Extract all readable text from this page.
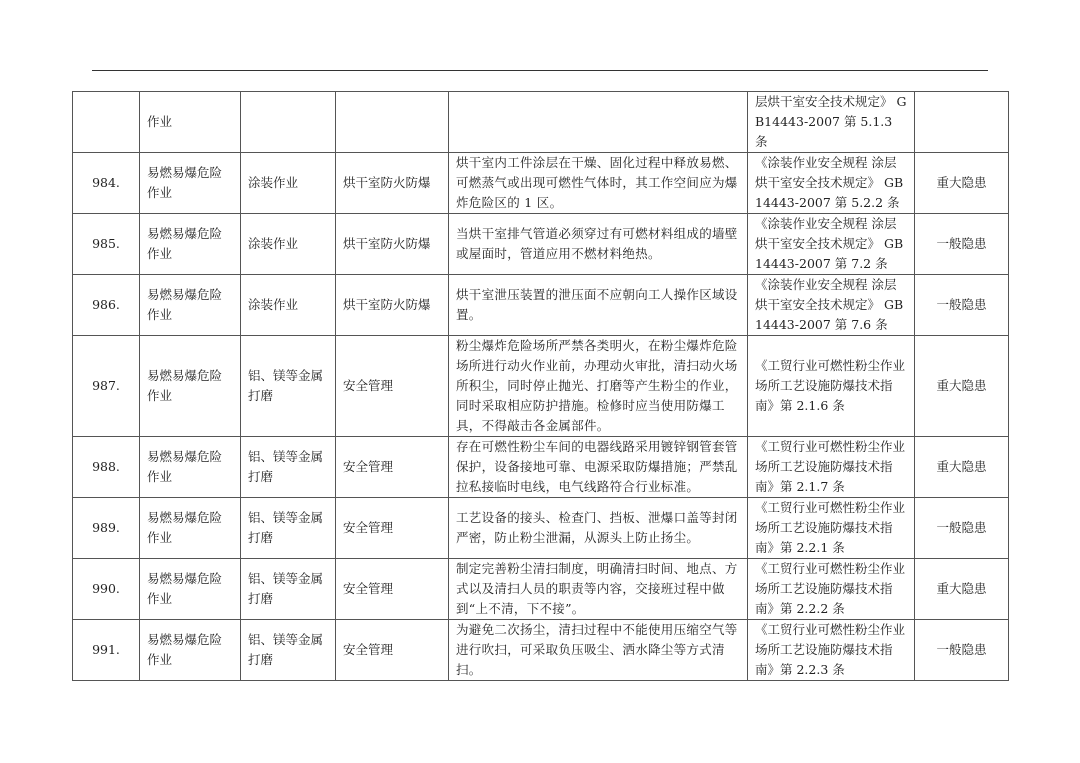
	作业				层烘干室安全技术规定》 GB14443-2007 第 5.1.3 条	
984.	易燃易爆危险作业	涂装作业	烘干室防火防爆	烘干室内工件涂层在干燥、固化过程中释放易燃、可燃蒸气或出现可燃性气体时，其工作空间应为爆炸危险区的 1 区。	《涂装作业安全规程 涂层烘干室安全技术规定》 GB14443-2007 第 5.2.2 条	重大隐患
985.	易燃易爆危险作业	涂装作业	烘干室防火防爆	当烘干室排气管道必须穿过有可燃材料组成的墙壁或屋面时，管道应用不燃材料绝热。	《涂装作业安全规程 涂层烘干室安全技术规定》 GB14443-2007 第 7.2 条	一般隐患
986.	易燃易爆危险作业	涂装作业	烘干室防火防爆	烘干室泄压装置的泄压面不应朝向工人操作区域设置。	《涂装作业安全规程 涂层烘干室安全技术规定》 GB14443-2007 第 7.6 条	一般隐患
987.	易燃易爆危险作业	铝、镁等金属打磨	安全管理	粉尘爆炸危险场所严禁各类明火，在粉尘爆炸危险场所进行动火作业前，办理动火审批，清扫动火场所积尘，同时停止抛光、打磨等产生粉尘的作业，同时采取相应防护措施。检修时应当使用防爆工具，不得敲击各金属部件。	《工贸行业可燃性粉尘作业场所工艺设施防爆技术指南》第 2.1.6 条	重大隐患
988.	易燃易爆危险作业	铝、镁等金属打磨	安全管理	存在可燃性粉尘车间的电器线路采用镀锌钢管套管保护，设备接地可靠、电源采取防爆措施；严禁乱拉私接临时电线，电气线路符合行业标准。	《工贸行业可燃性粉尘作业场所工艺设施防爆技术指南》第 2.1.7 条	重大隐患
989.	易燃易爆危险作业	铝、镁等金属打磨	安全管理	工艺设备的接头、检查门、挡板、泄爆口盖等封闭严密，防止粉尘泄漏，从源头上防止扬尘。	《工贸行业可燃性粉尘作业场所工艺设施防爆技术指南》第 2.2.1 条	一般隐患
990.	易燃易爆危险作业	铝、镁等金属打磨	安全管理	制定完善粉尘清扫制度，明确清扫时间、地点、方式以及清扫人员的职责等内容，交接班过程中做到“上不清，下不接”。	《工贸行业可燃性粉尘作业场所工艺设施防爆技术指南》第 2.2.2 条	重大隐患
991.	易燃易爆危险作业	铝、镁等金属打磨	安全管理	为避免二次扬尘，清扫过程中不能使用压缩空气等进行吹扫，可采取负压吸尘、洒水降尘等方式清扫。	《工贸行业可燃性粉尘作业场所工艺设施防爆技术指南》第 2.2.3 条	一般隐患
